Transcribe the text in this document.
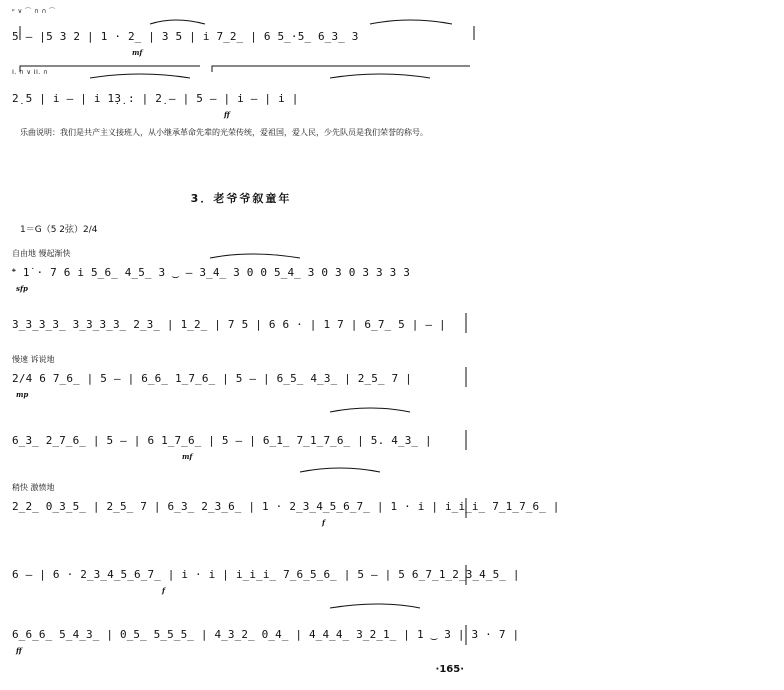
ᵖ ∨ ⌒ ∩ ∩ ⌒
5 – |5 3 2 | 1 · 2̲ | 3 5 | i 7̲2̲ | 6 5̲·5̲ 6̲3̲ 3
mf
I. ∩ ∨ II. ∩
2̣ 5 | i – | i 1̣3̣ : | 2̣ – | 5 – | i – | i |
ff
乐曲说明：我们是共产主义接班人，从小继承革命先辈的光荣传统，爱祖国，爱人民，少先队员是我们荣誉的称号。
3．老爷爷叙童年
1＝G（5 2弦）2/4
自由地 慢起渐快
𝄌 1̇ · 7 6 i 5̲6̲ 4̲5̲ 3 ‿ – 3̲4̲ 3 0 0 5̲4̲ 3 0 3 0 3 3 3 3
sfp
3̲3̲3̲3̲ 3̲3̲3̲3̲ 2̲3̲ | 1̲2̲ | 7 5 | 6 6 · | 1 7 | 6̲7̲ 5 | – |
慢速 诉说地
2/4 6 7̲6̲ | 5 – | 6̲6̲ 1̲7̲6̲ | 5 – | 6̲5̲ 4̲3̲ | 2̲5̲ 7 |
mp
6̲3̲ 2̲7̲6̲ | 5 – | 6 1̲7̲6̲ | 5 – | 6̲1̲ 7̲1̲7̲6̲ | 5. 4̲3̲ |
mf
稍快 激愤地
2̲2̲ 0̲3̲5̲ | 2̲5̲ 7 | 6̲3̲ 2̲3̲6̲ | 1 · 2̲3̲4̲5̲6̲7̲ | 1 · i | i̲i̲i̲ 7̲1̲7̲6̲ |
f
6 – | 6 · 2̲3̲4̲5̲6̲7̲ | i · i | i̲i̲i̲ 7̲6̲5̲6̲ | 5 – | 5 6̲7̲1̲2̲3̲4̲5̲ |
f
6̲6̲6̲ 5̲4̲3̲ | 0̲5̲ 5̲5̲5̲ | 4̲3̲2̲ 0̲4̲ | 4̲4̲4̲ 3̲2̲1̲ | 1 ‿ 3 | 3 · 7 |
ff
·165·
